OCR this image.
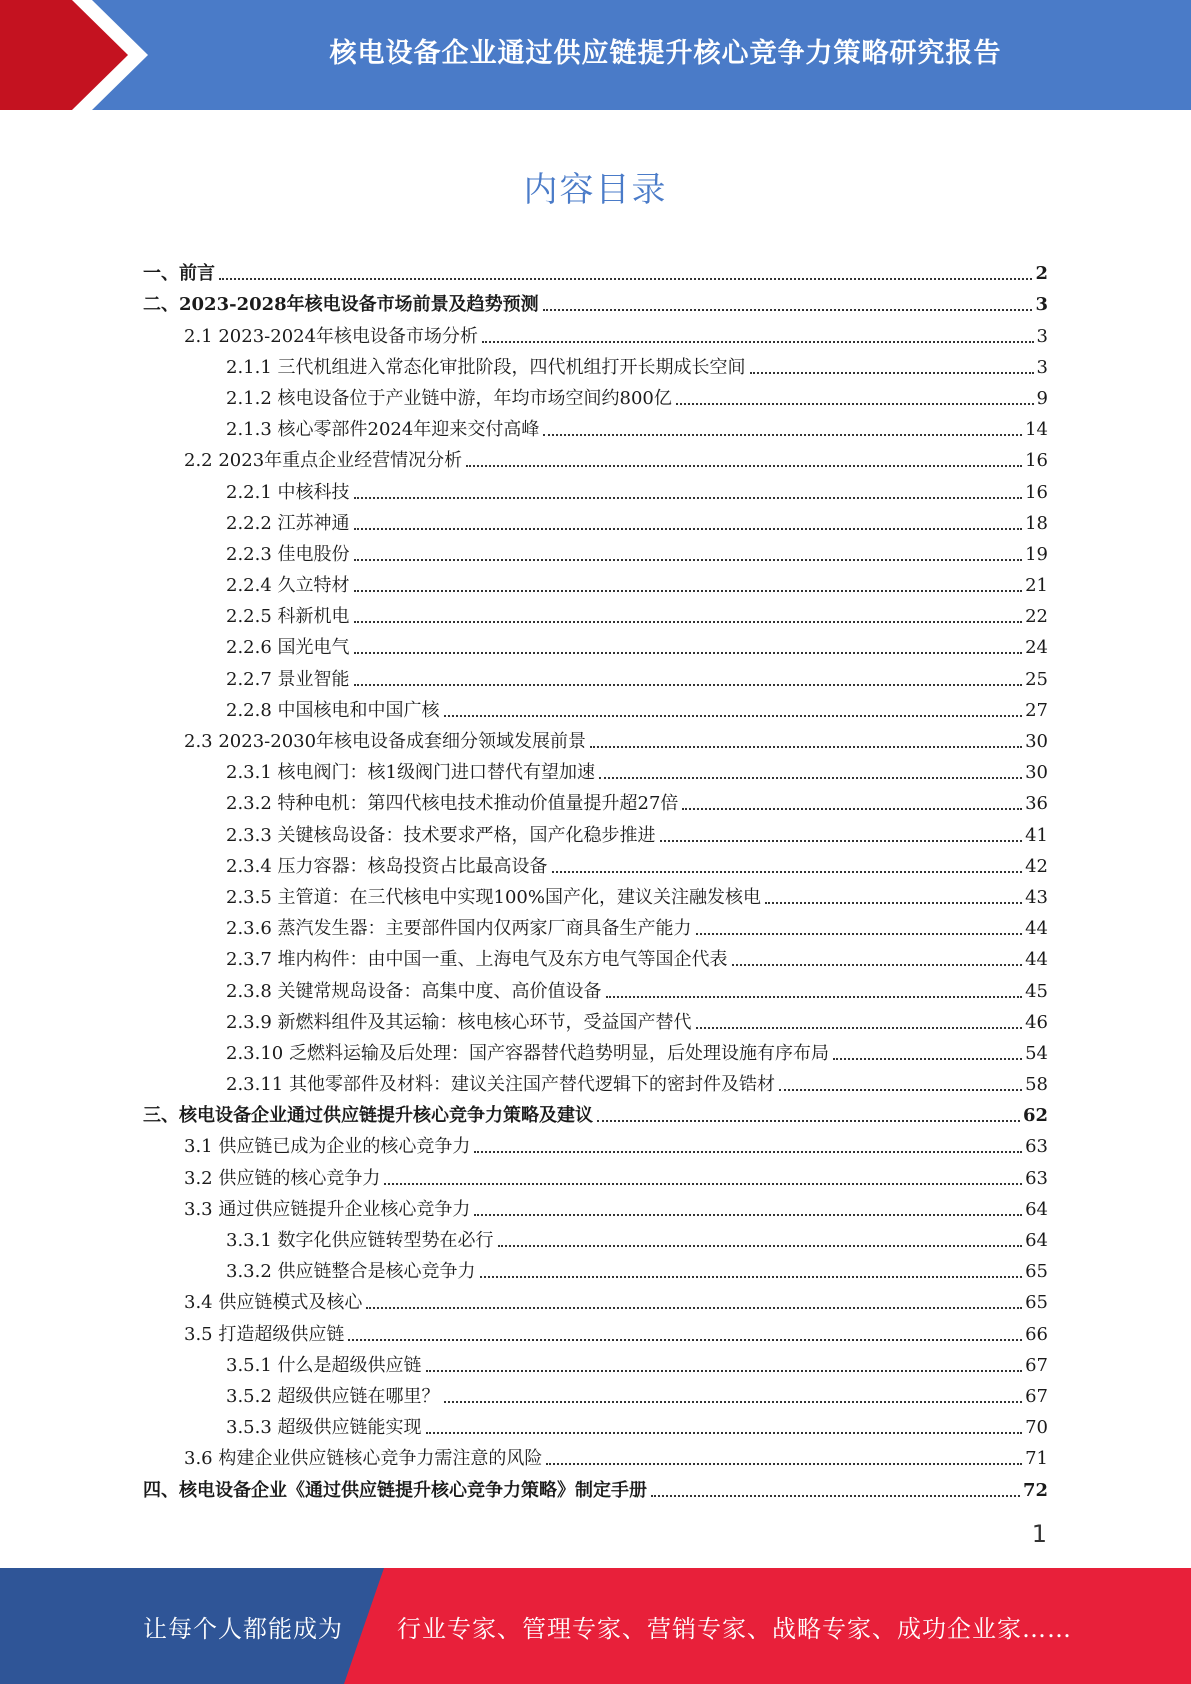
核电设备企业通过供应链提升核心竞争力策略研究报告
内容目录
一、前言	2
二、2023-2028年核电设备市场前景及趋势预测	3
2.1 2023-2024年核电设备市场分析	3
2.1.1 三代机组进入常态化审批阶段，四代机组打开长期成长空间	3
2.1.2 核电设备位于产业链中游，年均市场空间约800亿	9
2.1.3 核心零部件2024年迎来交付高峰	14
2.2 2023年重点企业经营情况分析	16
2.2.1 中核科技	16
2.2.2 江苏神通	18
2.2.3 佳电股份	19
2.2.4 久立特材	21
2.2.5 科新机电	22
2.2.6 国光电气	24
2.2.7 景业智能	25
2.2.8 中国核电和中国广核	27
2.3 2023-2030年核电设备成套细分领域发展前景	30
2.3.1 核电阀门：核1级阀门进口替代有望加速	30
2.3.2 特种电机：第四代核电技术推动价值量提升超27倍	36
2.3.3 关键核岛设备：技术要求严格，国产化稳步推进	41
2.3.4 压力容器：核岛投资占比最高设备	42
2.3.5 主管道：在三代核电中实现100%国产化，建议关注融发核电	43
2.3.6 蒸汽发生器：主要部件国内仅两家厂商具备生产能力	44
2.3.7 堆内构件：由中国一重、上海电气及东方电气等国企代表	44
2.3.8 关键常规岛设备：高集中度、高价值设备	45
2.3.9 新燃料组件及其运输：核电核心环节，受益国产替代	46
2.3.10 乏燃料运输及后处理：国产容器替代趋势明显，后处理设施有序布局	54
2.3.11 其他零部件及材料：建议关注国产替代逻辑下的密封件及锆材	58
三、核电设备企业通过供应链提升核心竞争力策略及建议	62
3.1 供应链已成为企业的核心竞争力	63
3.2 供应链的核心竞争力	63
3.3 通过供应链提升企业核心竞争力	64
3.3.1 数字化供应链转型势在必行	64
3.3.2 供应链整合是核心竞争力	65
3.4 供应链模式及核心	65
3.5 打造超级供应链	66
3.5.1 什么是超级供应链	67
3.5.2 超级供应链在哪里？	67
3.5.3 超级供应链能实现	70
3.6 构建企业供应链核心竞争力需注意的风险	71
四、核电设备企业《通过供应链提升核心竞争力策略》制定手册	72
1
让每个人都能成为 行业专家、管理专家、营销专家、战略专家、成功企业家……
